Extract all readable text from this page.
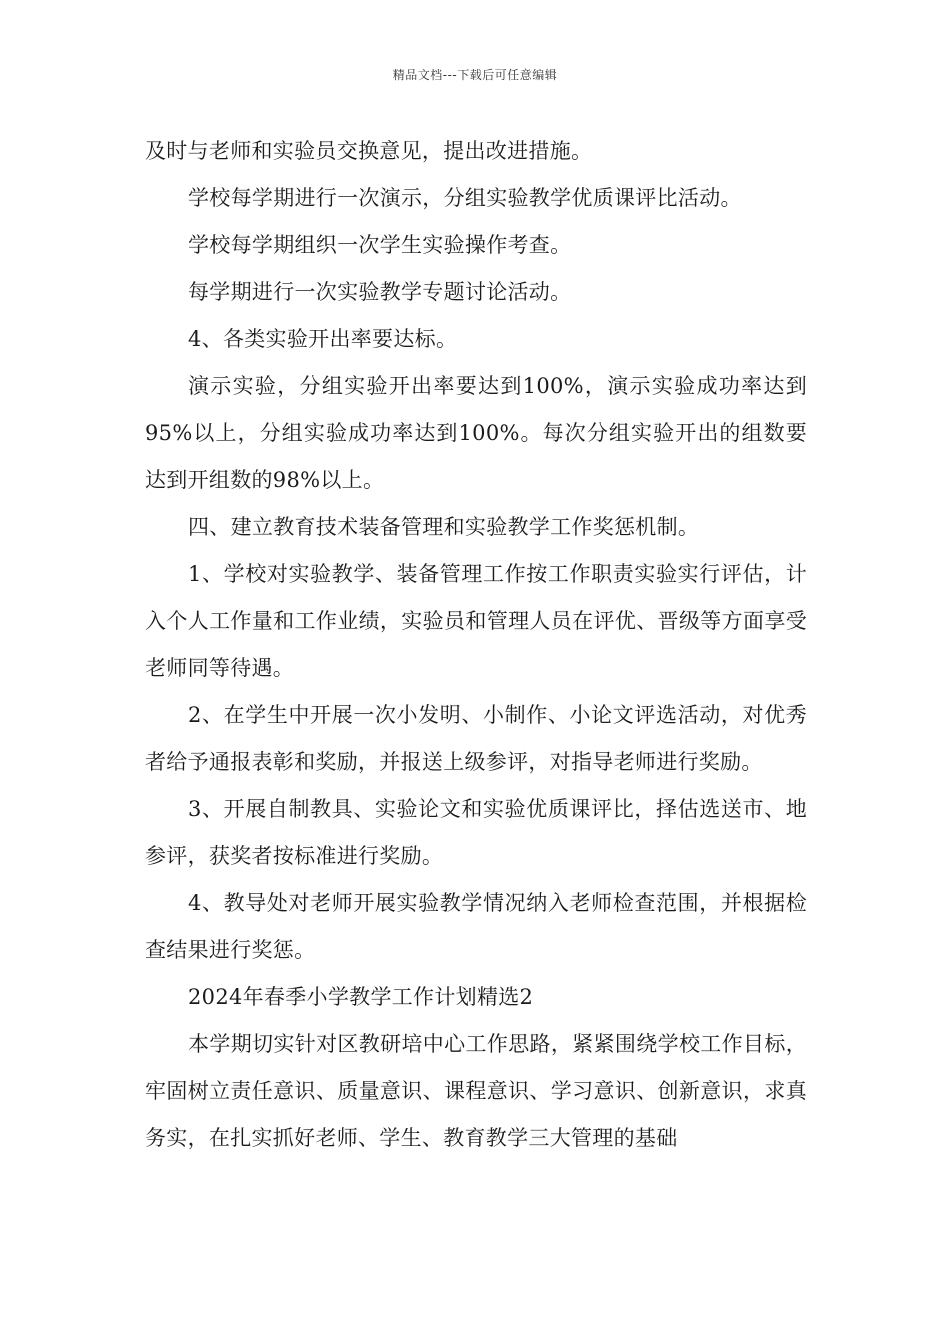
精品文档---下载后可任意编辑

及时与老师和实验员交换意见，提出改进措施。

学校每学期进行一次演示，分组实验教学优质课评比活动。

学校每学期组织一次学生实验操作考查。

每学期进行一次实验教学专题讨论活动。

4、各类实验开出率要达标。

演示实验，分组实验开出率要达到100%，演示实验成功率达到95%以上，分组实验成功率达到100%。每次分组实验开出的组数要达到开组数的98%以上。

四、建立教育技术装备管理和实验教学工作奖惩机制。

1、学校对实验教学、装备管理工作按工作职责实验实行评估，计入个人工作量和工作业绩，实验员和管理人员在评优、晋级等方面享受老师同等待遇。

2、在学生中开展一次小发明、小制作、小论文评选活动，对优秀者给予通报表彰和奖励，并报送上级参评，对指导老师进行奖励。

3、开展自制教具、实验论文和实验优质课评比，择估选送市、地参评，获奖者按标准进行奖励。

4、教导处对老师开展实验教学情况纳入老师检查范围，并根据检查结果进行奖惩。

2024年春季小学教学工作计划精选2

本学期切实针对区教研培中心工作思路，紧紧围绕学校工作目标，牢固树立责任意识、质量意识、课程意识、学习意识、创新意识，求真务实，在扎实抓好老师、学生、教育教学三大管理的基础
